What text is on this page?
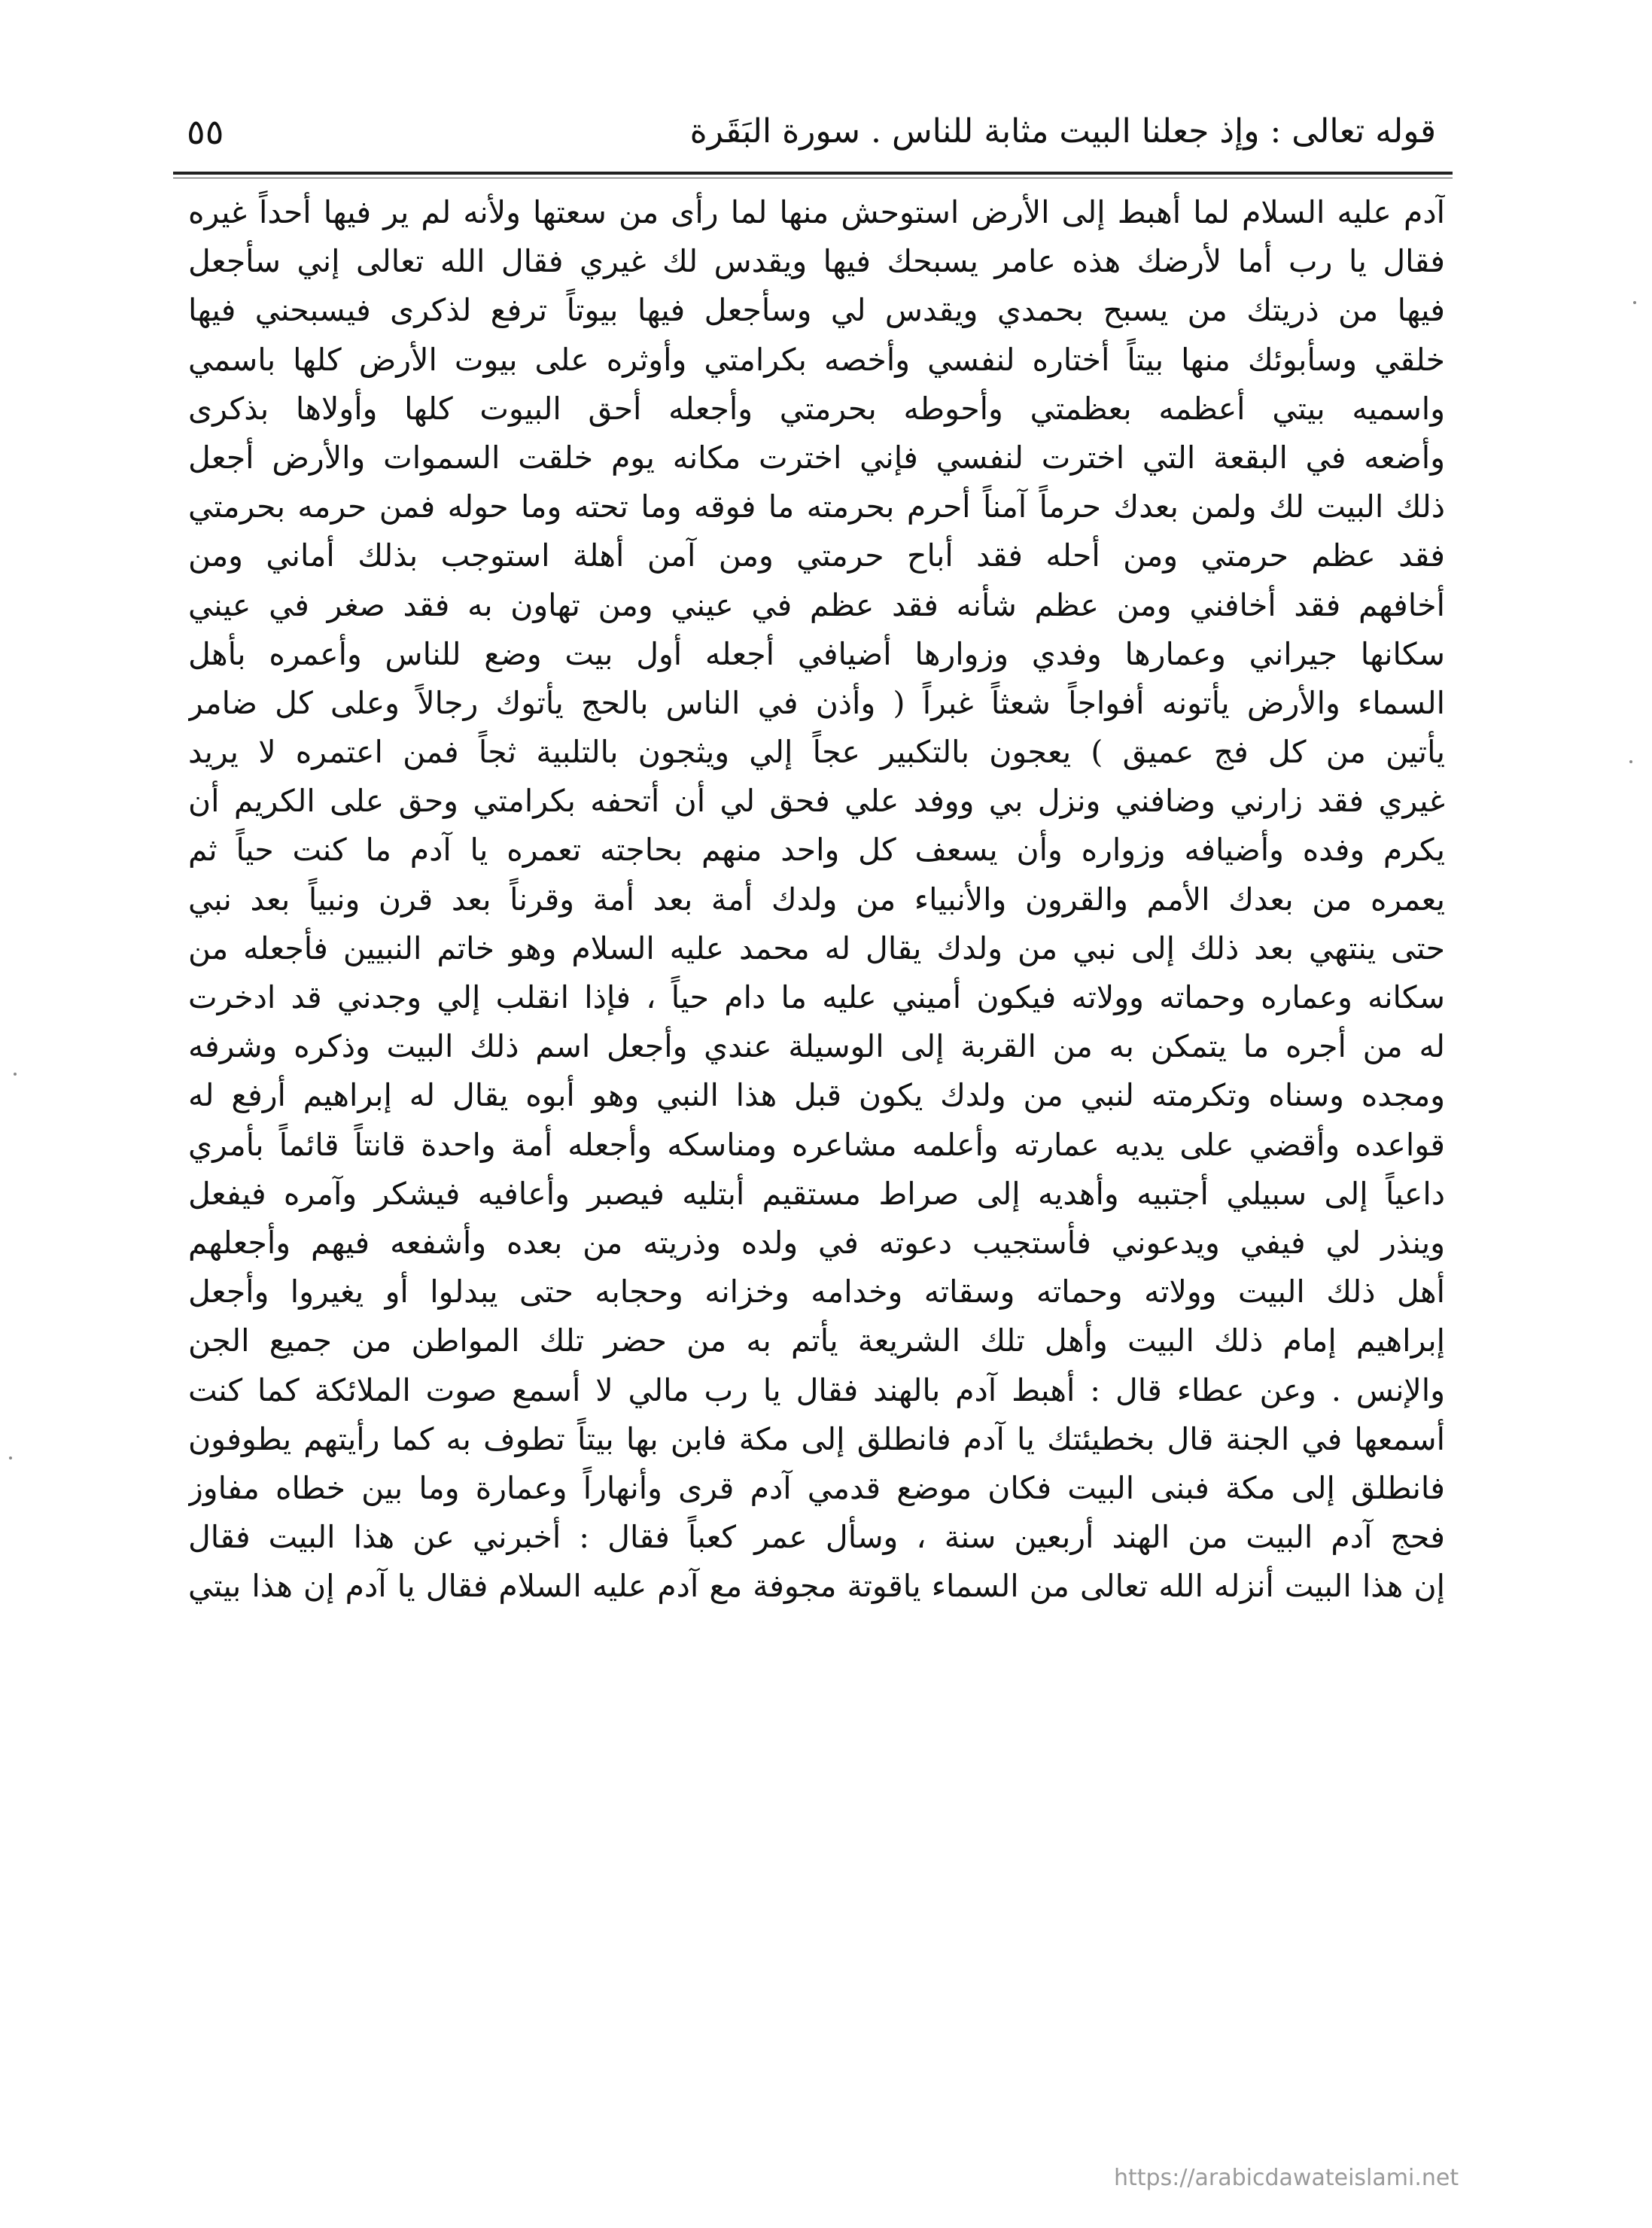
قوله تعالى : وإذ جعلنا البيت مثابة للناس . سورة البَقَرة
٥٥
آدم عليه السلام لما أهبط إلى الأرض استوحش منها لما رأى من سعتها ولأنه لم ير فيها أحداً غيره
فقال يا رب أما لأرضك هذه عامر يسبحك فيها ويقدس لك غيري فقال الله تعالى إني سأجعل
فيها من ذريتك من يسبح بحمدي ويقدس لي وسأجعل فيها بيوتاً ترفع لذكرى فيسبحني فيها
خلقي وسأبوئك منها بيتاً أختاره لنفسي وأخصه بكرامتي وأوثره على بيوت الأرض كلها باسمي
واسميه بيتي أعظمه بعظمتي وأحوطه بحرمتي وأجعله أحق البيوت كلها وأولاها بذكرى
وأضعه في البقعة التي اخترت لنفسي فإني اخترت مكانه يوم خلقت السموات والأرض أجعل
ذلك البيت لك ولمن بعدك حرماً آمناً أحرم بحرمته ما فوقه وما تحته وما حوله فمن حرمه بحرمتي
فقد عظم حرمتي ومن أحله فقد أباح حرمتي ومن آمن أهلة استوجب بذلك أماني ومن
أخافهم فقد أخافني ومن عظم شأنه فقد عظم في عيني ومن تهاون به فقد صغر في عيني
سكانها جيراني وعمارها وفدي وزوارها أضيافي أجعله أول بيت وضع للناس وأعمره بأهل
السماء والأرض يأتونه أفواجاً شعثاً غبراً ( وأذن في الناس بالحج يأتوك رجالاً وعلى كل ضامر
يأتين من كل فج عميق ) يعجون بالتكبير عجاً إلي ويثجون بالتلبية ثجاً فمن اعتمره لا يريد
غيري فقد زارني وضافني ونزل بي ووفد علي فحق لي أن أتحفه بكرامتي وحق على الكريم أن
يكرم وفده وأضيافه وزواره وأن يسعف كل واحد منهم بحاجته تعمره يا آدم ما كنت حياً ثم
يعمره من بعدك الأمم والقرون والأنبياء من ولدك أمة بعد أمة وقرناً بعد قرن ونبياً بعد نبي
حتى ينتهي بعد ذلك إلى نبي من ولدك يقال له محمد عليه السلام وهو خاتم النبيين فأجعله من
سكانه وعماره وحماته وولاته فيكون أميني عليه ما دام حياً ، فإذا انقلب إلي وجدني قد ادخرت
له من أجره ما يتمكن به من القربة إلى الوسيلة عندي وأجعل اسم ذلك البيت وذكره وشرفه
ومجده وسناه وتكرمته لنبي من ولدك يكون قبل هذا النبي وهو أبوه يقال له إبراهيم أرفع له
قواعده وأقضي على يديه عمارته وأعلمه مشاعره ومناسكه وأجعله أمة واحدة قانتاً قائماً بأمري
داعياً إلى سبيلي أجتبيه وأهديه إلى صراط مستقيم أبتليه فيصبر وأعافيه فيشكر وآمره فيفعل
وينذر لي فيفي ويدعوني فأستجيب دعوته في ولده وذريته من بعده وأشفعه فيهم وأجعلهم
أهل ذلك البيت وولاته وحماته وسقاته وخدامه وخزانه وحجابه حتى يبدلوا أو يغيروا وأجعل
إبراهيم إمام ذلك البيت وأهل تلك الشريعة يأتم به من حضر تلك المواطن من جميع الجن
والإنس . وعن عطاء قال : أهبط آدم بالهند فقال يا رب مالي لا أسمع صوت الملائكة كما كنت
أسمعها في الجنة قال بخطيئتك يا آدم فانطلق إلى مكة فابن بها بيتاً تطوف به كما رأيتهم يطوفون
فانطلق إلى مكة فبنى البيت فكان موضع قدمي آدم قرى وأنهاراً وعمارة وما بين خطاه مفاوز
فحج آدم البيت من الهند أربعين سنة ، وسأل عمر كعباً فقال : أخبرني عن هذا البيت فقال
إن هذا البيت أنزله الله تعالى من السماء ياقوتة مجوفة مع آدم عليه السلام فقال يا آدم إن هذا بيتي
https://arabicdawateislami.net
